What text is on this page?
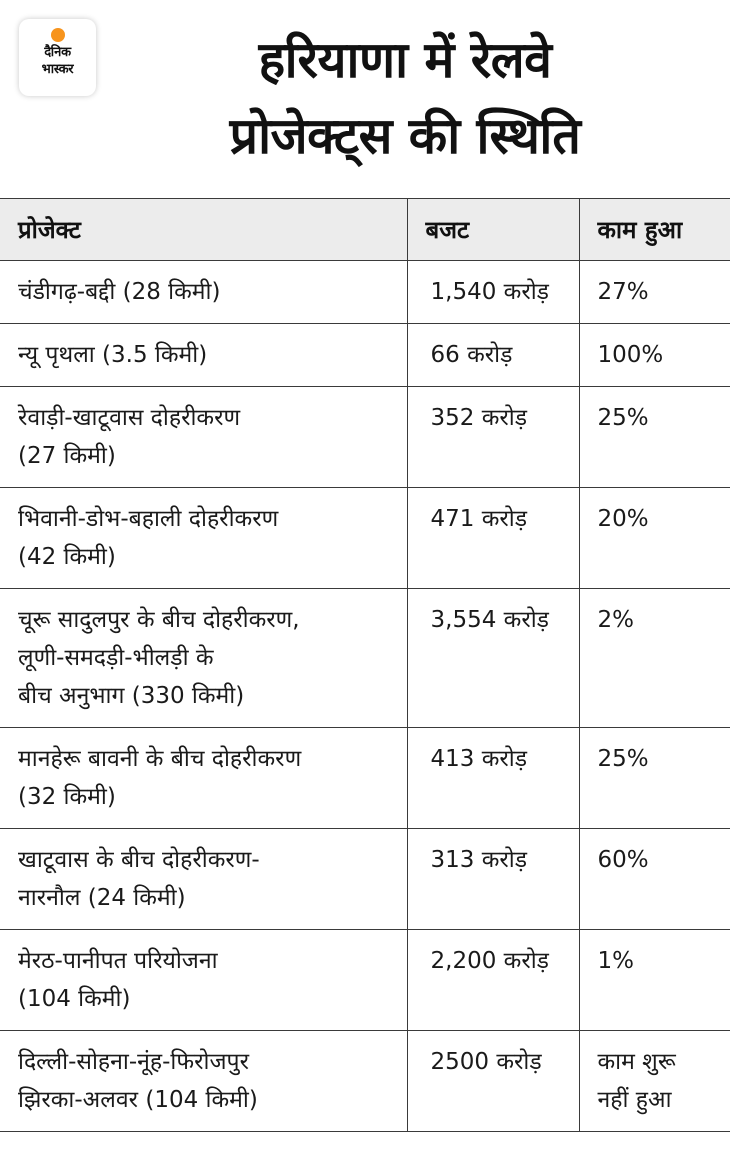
दैनिक
भास्कर	हरियाणा में रेलवे
प्रोजेक्ट्स की स्थिति
प्रोजेक्ट	बजट	काम हुआ

चंडीगढ़-बद्दी (28 किमी)	1,540 करोड़	27%

न्यू पृथला (3.5 किमी)	66 करोड़	100%

रेवाड़ी-खाटूवास दोहरीकरण
(27 किमी)	352 करोड़	25%

भिवानी-डोभ-बहाली दोहरीकरण
(42 किमी)	471 करोड़	20%

चूरू सादुलपुर के बीच दोहरीकरण,
लूणी-समदड़ी-भीलड़ी के
बीच अनुभाग (330 किमी)	3,554 करोड़	2%

मानहेरू बावनी के बीच दोहरीकरण
(32 किमी)	413 करोड़	25%

खाटूवास के बीच दोहरीकरण-
नारनौल (24 किमी)	313 करोड़	60%

मेरठ-पानीपत परियोजना
(104 किमी)	2,200 करोड़	1%

दिल्ली-सोहना-नूंह-फिरोजपुर
झिरका-अलवर (104 किमी)	2500 करोड़	काम शुरू
नहीं हुआ
